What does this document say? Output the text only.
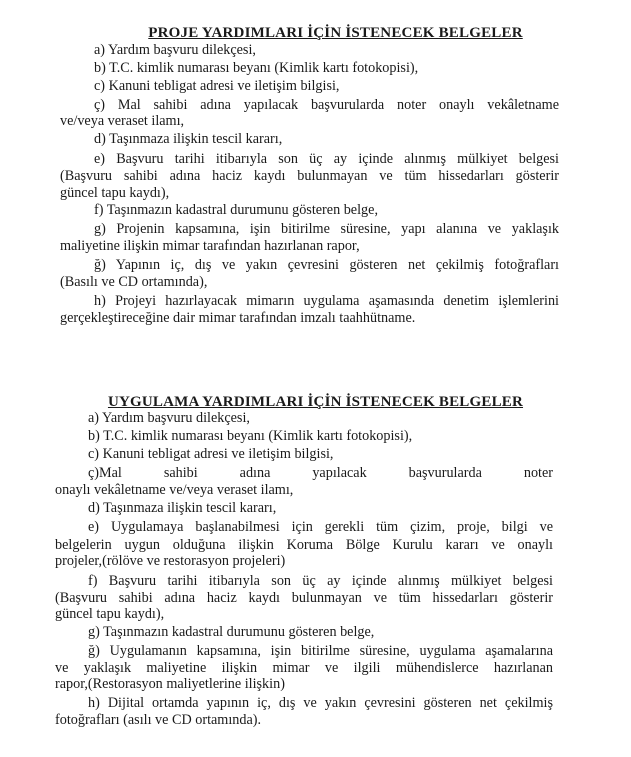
PROJE YARDIMLARI İÇİN İSTENECEK BELGELER

a) Yardım başvuru dilekçesi,

b) T.C. kimlik numarası beyanı (Kimlik kartı fotokopisi),

c) Kanuni tebligat adresi ve iletişim bilgisi,

ç) Mal sahibi adına yapılacak başvurularda noter onaylı vekâletname

ve/veya veraset ilamı,

d) Taşınmaza ilişkin tescil kararı,

e) Başvuru tarihi itibarıyla son üç ay içinde alınmış mülkiyet belgesi

(Başvuru sahibi adına haciz kaydı bulunmayan ve tüm hissedarları gösterir

güncel tapu kaydı),

f) Taşınmazın kadastral durumunu gösteren belge,

g) Projenin kapsamına, işin bitirilme süresine, yapı alanına ve yaklaşık

maliyetine ilişkin mimar tarafından hazırlanan rapor,

ğ) Yapının iç, dış ve yakın çevresini gösteren net çekilmiş fotoğrafları

(Basılı ve CD ortamında),

h) Projeyi hazırlayacak mimarın uygulama aşamasında denetim işlemlerini

gerçekleştireceğine dair mimar tarafından imzalı taahhütname.

UYGULAMA YARDIMLARI İÇİN İSTENECEK BELGELER

a) Yardım başvuru dilekçesi,

b) T.C. kimlik numarası beyanı (Kimlik kartı fotokopisi),

c) Kanuni tebligat adresi ve iletişim bilgisi,

ç)Mal sahibi adına yapılacak başvurularda noter

onaylı vekâletname ve/veya veraset ilamı,

d) Taşınmaza ilişkin tescil kararı,

e) Uygulamaya başlanabilmesi için gerekli tüm çizim, proje, bilgi ve

belgelerin uygun olduğuna ilişkin Koruma Bölge Kurulu kararı ve onaylı

projeler,(rölöve ve restorasyon projeleri)

f) Başvuru tarihi itibarıyla son üç ay içinde alınmış mülkiyet belgesi

(Başvuru sahibi adına haciz kaydı bulunmayan ve tüm hissedarları gösterir

güncel tapu kaydı),

g) Taşınmazın kadastral durumunu gösteren belge,

ğ) Uygulamanın kapsamına, işin bitirilme süresine, uygulama aşamalarına

ve yaklaşık maliyetine ilişkin mimar ve ilgili mühendislerce hazırlanan

rapor,(Restorasyon maliyetlerine ilişkin)

h) Dijital ortamda yapının iç, dış ve yakın çevresini gösteren net çekilmiş

fotoğrafları (asılı ve CD ortamında).
